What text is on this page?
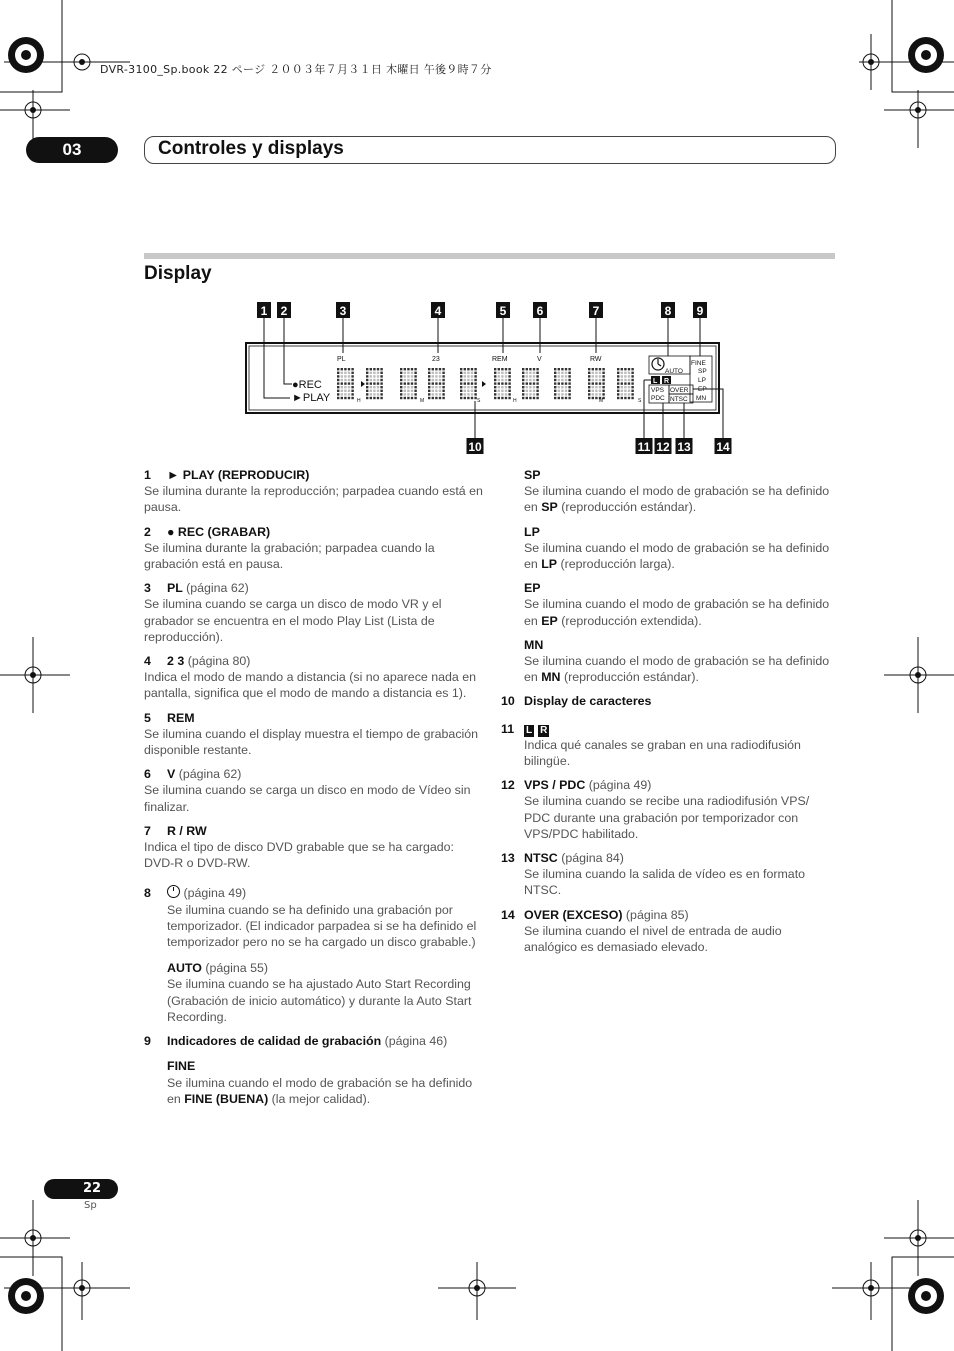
DVR-3100_Sp.book 22 ページ ２００３年７月３１日 木曜日 午後９時７分
03	Controles y displays
Display
1 2	3	4	5	6	7	8 9
10	11 12 13 14
●REC
►PLAY
PL	23	REM	V	RW
H	M	S	H	M	S
AUTO
FINE
SP
LP
EP
MN
L R
VPS
PDC
OVER
NTSC
1 ► PLAY (REPRODUCIR)
Se ilumina durante la reproducción; parpadea cuando está en pausa.
2 ● REC (GRABAR)
Se ilumina durante la grabación; parpadea cuando la grabación está en pausa.
3 PL (página 62)
Se ilumina cuando se carga un disco de modo VR y el grabador se encuentra en el modo Play List (Lista de reproducción).
4 2 3 (página 80)
Indica el modo de mando a distancia (si no aparece nada en pantalla, significa que el modo de mando a distancia es 1).
5 REM
Se ilumina cuando el display muestra el tiempo de grabación disponible restante.
6 V (página 62)
Se ilumina cuando se carga un disco en modo de Vídeo sin finalizar.
7 R / RW
Indica el tipo de disco DVD grabable que se ha cargado: DVD-R o DVD-RW.
8	(página 49)
Se ilumina cuando se ha definido una grabación por temporizador. (El indicador parpadea si se ha definido el temporizador pero no se ha cargado un disco grabable.)
AUTO (página 55)
Se ilumina cuando se ha ajustado Auto Start Recording (Grabación de inicio automático) y durante la Auto Start Recording.
9 Indicadores de calidad de grabación (página 46)
FINE
Se ilumina cuando el modo de grabación se ha definido en FINE (BUENA) (la mejor calidad).
SP
Se ilumina cuando el modo de grabación se ha definido en SP (reproducción estándar).
LP
Se ilumina cuando el modo de grabación se ha definido en LP (reproducción larga).
EP
Se ilumina cuando el modo de grabación se ha definido en EP (reproducción extendida).
MN
Se ilumina cuando el modo de grabación se ha definido en MN (reproducción estándar).
10 Display de caracteres
11 L R
Indica qué canales se graban en una radiodifusión bilingüe.
12 VPS / PDC (página 49)
Se ilumina cuando se recibe una radiodifusión VPS/ PDC durante una grabación por temporizador con VPS/PDC habilitado.
13 NTSC (página 84)
Se ilumina cuando la salida de vídeo es en formato NTSC.
14 OVER (EXCESO) (página 85)
Se ilumina cuando el nivel de entrada de audio analógico es demasiado elevado.
22
Sp
